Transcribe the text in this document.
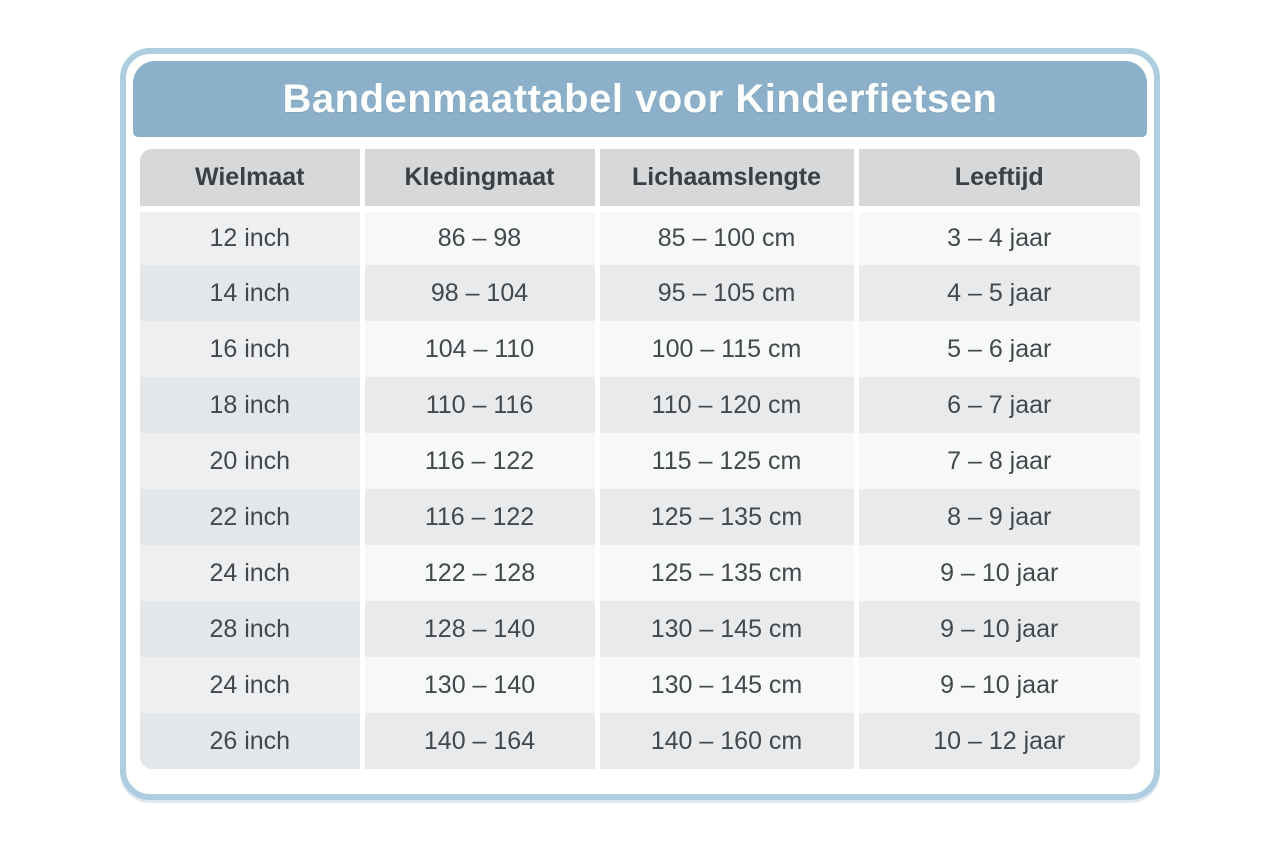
Bandenmaattabel voor Kinderfietsen
Wielmaat	Kledingmaat	Lichaamslengte	Leeftijd
12 inch	86 – 98	85 – 100 cm	3 – 4 jaar
14 inch	98 – 104	95 – 105 cm	4 – 5 jaar
16 inch	104 – 110	100 – 115 cm	5 – 6 jaar
18 inch	110 – 116	110 – 120 cm	6 – 7 jaar
20 inch	116 – 122	115 – 125 cm	7 – 8 jaar
22 inch	116 – 122	125 – 135 cm	8 – 9 jaar
24 inch	122 – 128	125 – 135 cm	9 – 10 jaar
28 inch	128 – 140	130 – 145 cm	9 – 10 jaar
24 inch	130 – 140	130 – 145 cm	9 – 10 jaar
26 inch	140 – 164	140 – 160 cm	10 – 12 jaar
